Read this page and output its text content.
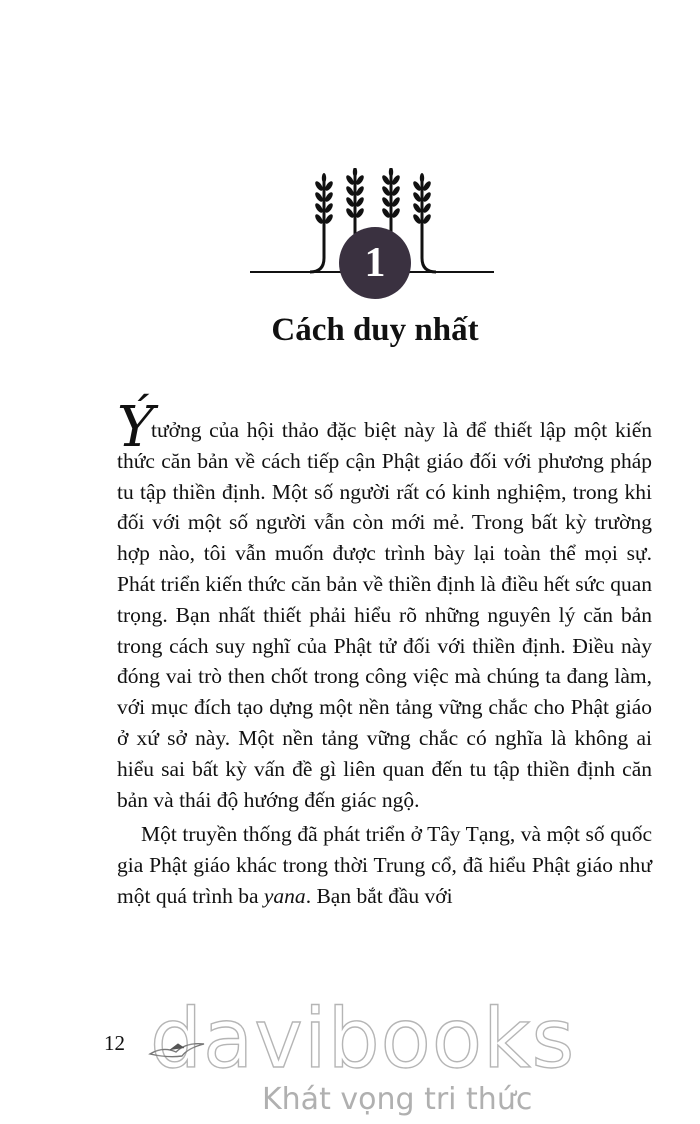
1
Cách duy nhất
Ý

tưởng của hội thảo đặc biệt này là để thiết lập một kiến thức căn bản về cách tiếp cận Phật giáo đối với phương pháp tu tập thiền định. Một số người rất có kinh nghiệm, trong khi đối với một số người vẫn còn mới mẻ. Trong bất kỳ trường hợp nào, tôi vẫn muốn được trình bày lại toàn thể mọi sự. Phát triển kiến thức căn bản về thiền định là điều hết sức quan trọng. Bạn nhất thiết phải hiểu rõ những nguyên lý căn bản trong cách suy nghĩ của Phật tử đối với thiền định. Điều này đóng vai trò then chốt trong công việc mà chúng ta đang làm, với mục đích tạo dựng một nền tảng vững chắc cho Phật giáo ở xứ sở này. Một nền tảng vững chắc có nghĩa là không ai hiểu sai bất kỳ vấn đề gì liên quan đến tu tập thiền định căn bản và thái độ hướng đến giác ngộ.

Một truyền thống đã phát triển ở Tây Tạng, và một số quốc gia Phật giáo khác trong thời Trung cổ, đã hiểu Phật giáo như một quá trình ba yana. Bạn bắt đầu với

12 davibooks
Khát vọng tri thức
